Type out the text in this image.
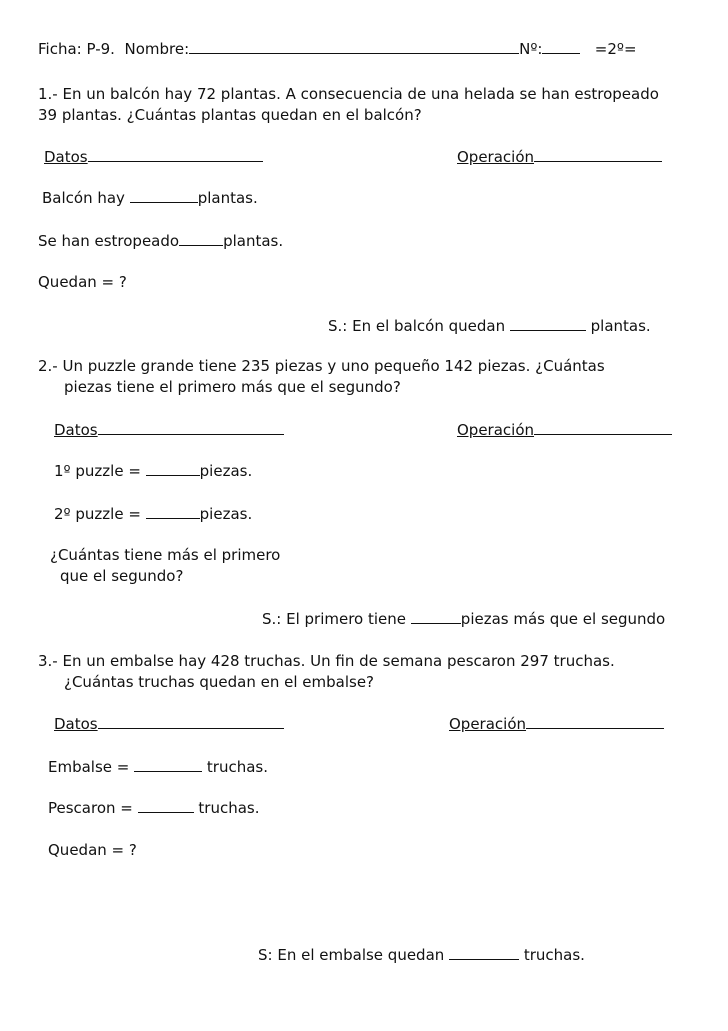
Ficha: P-9. Nombre:	Nº:	=2º=
1.- En un balcón hay 72 plantas. A consecuencia de una helada se han estropeado
39 plantas. ¿Cuántas plantas quedan en el balcón?
Datos	Operación
Balcón hay	plantas.
Se han estropeado	plantas.
Quedan = ?
S.: En el balcón quedan	plantas.
2.- Un puzzle grande tiene 235 piezas y uno pequeño 142 piezas. ¿Cuántas
piezas tiene el primero más que el segundo?
Datos	Operación
1º puzzle =	piezas.
2º puzzle =	piezas.
¿Cuántas tiene más el primero
que el segundo?
S.: El primero tiene	piezas más que el segundo
3.- En un embalse hay 428 truchas. Un fin de semana pescaron 297 truchas.
¿Cuántas truchas quedan en el embalse?
Datos	Operación
Embalse =	truchas.
Pescaron =	truchas.
Quedan = ?
S: En el embalse quedan	truchas.
